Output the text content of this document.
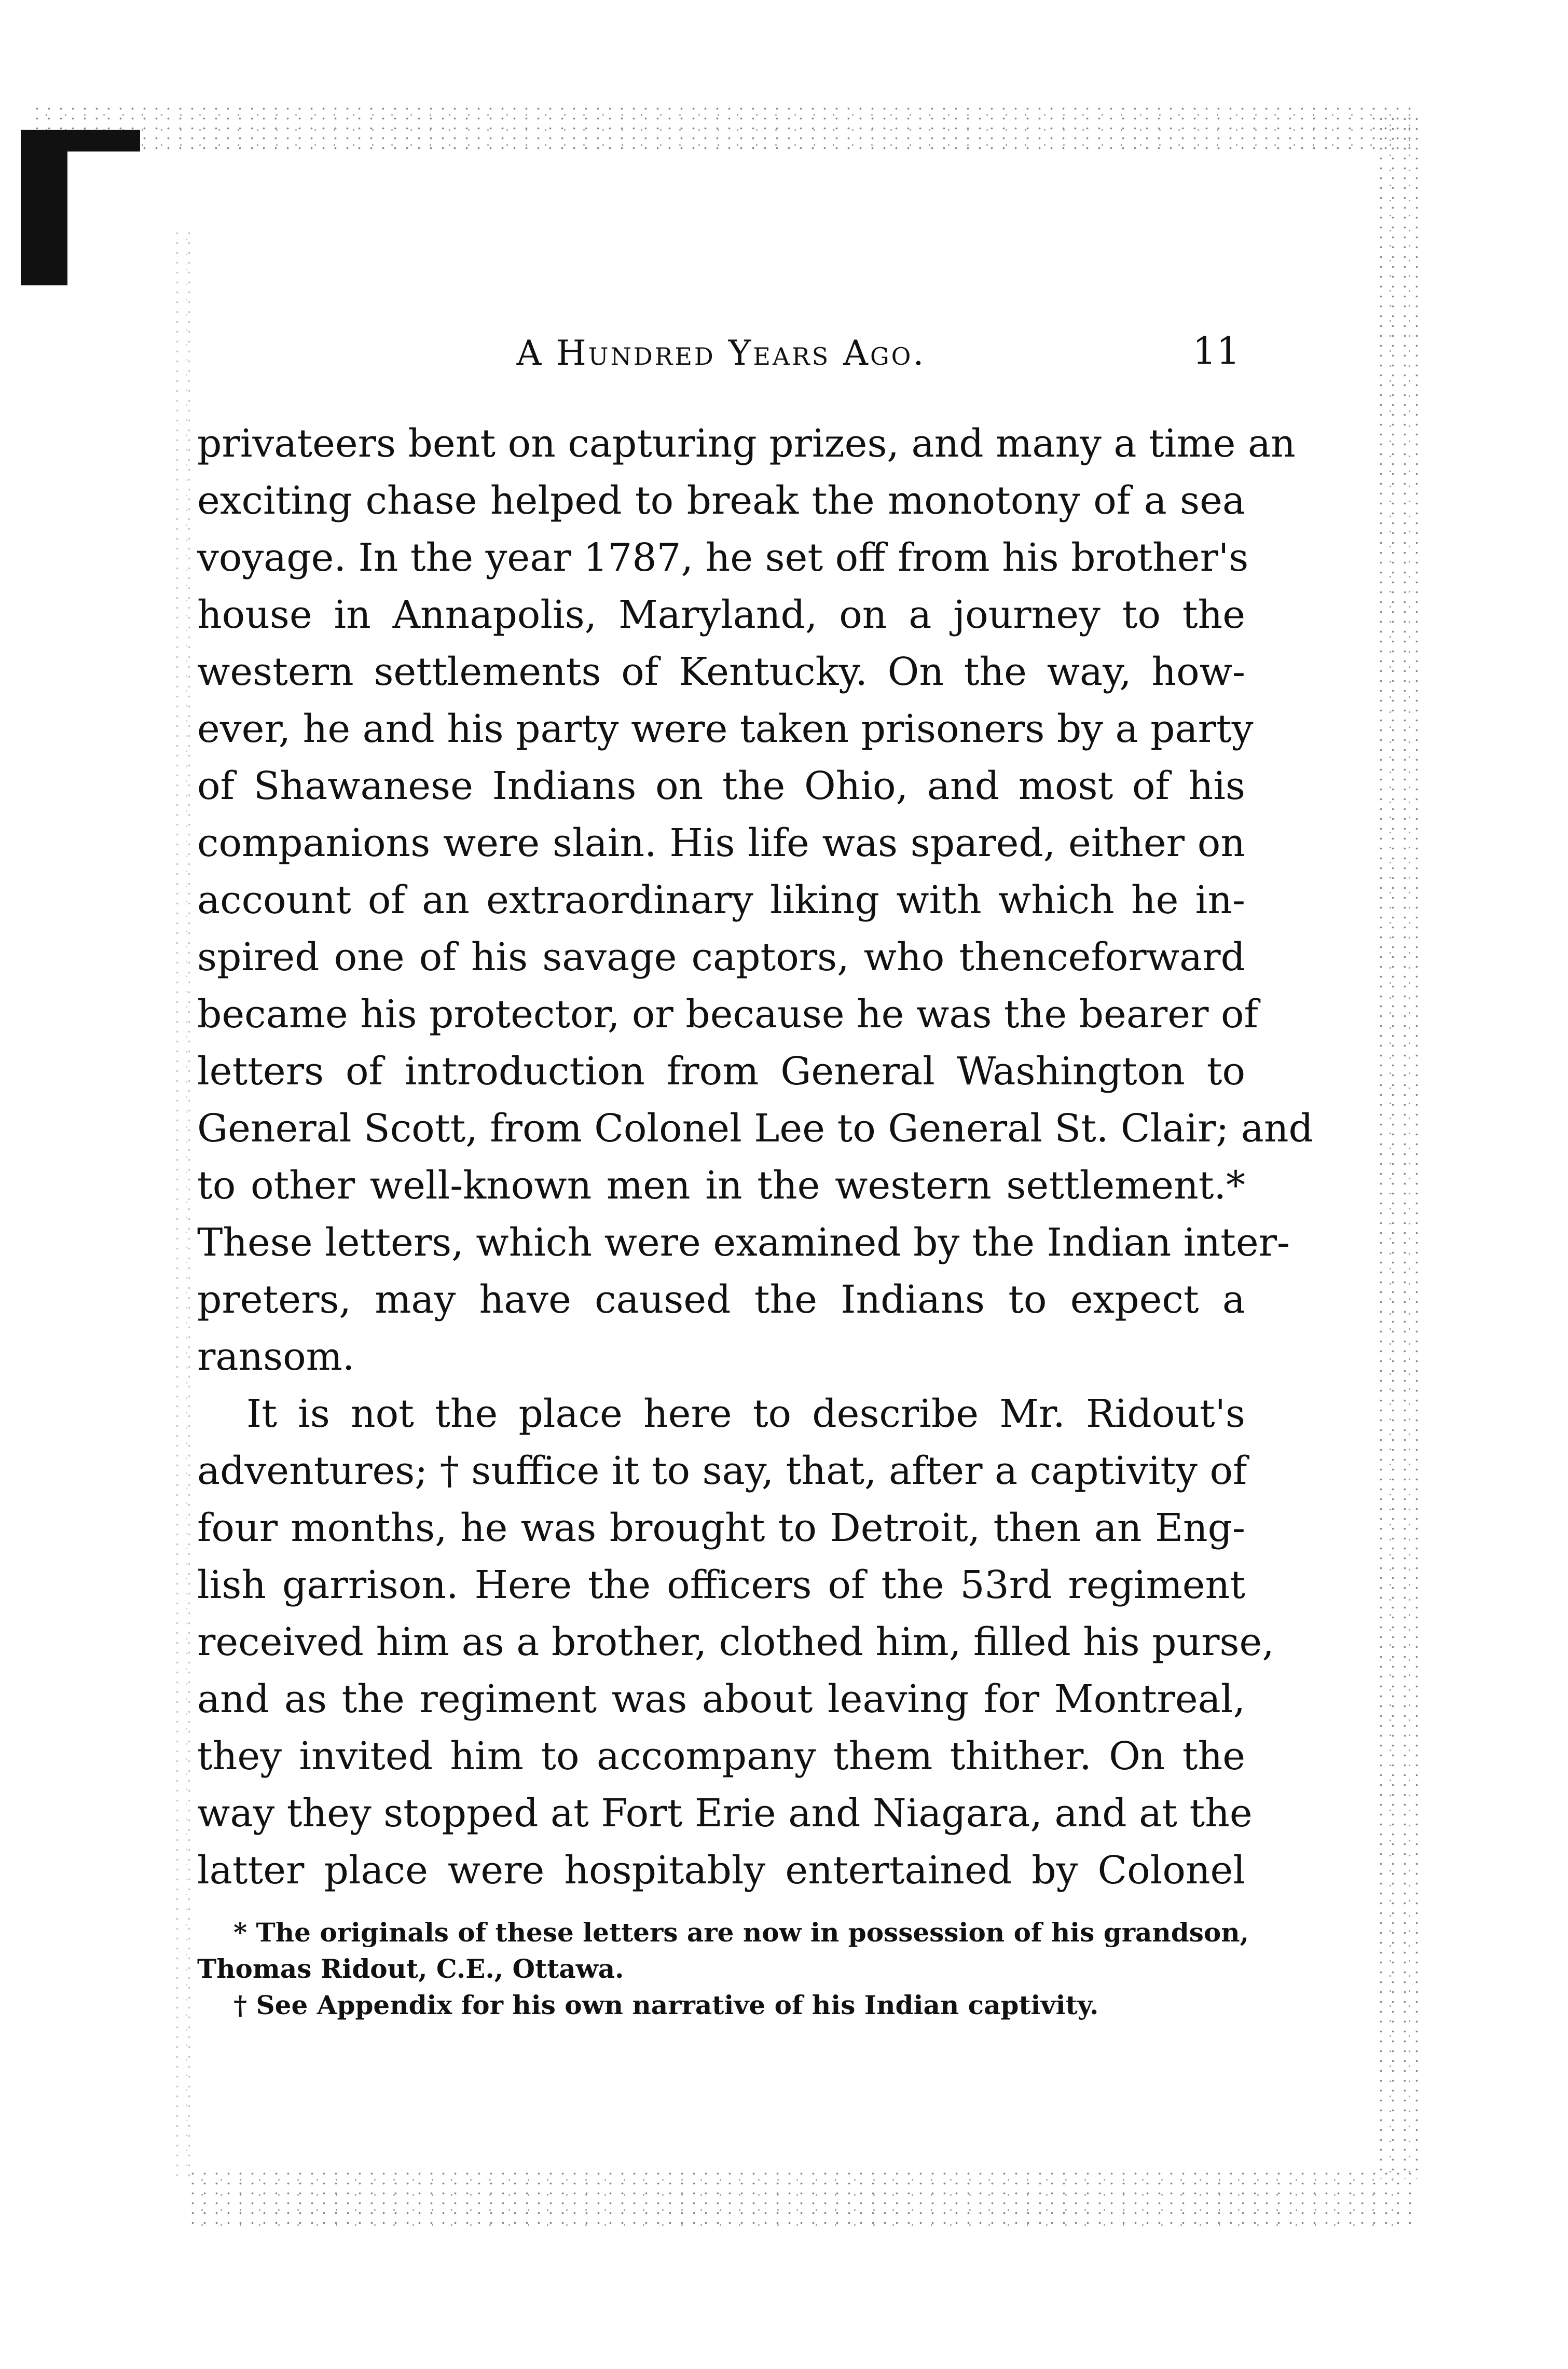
A Hundred Years Ago.	11
privateers bent on capturing prizes, and many a time an
exciting chase helped to break the monotony of a sea
voyage. In the year 1787, he set off from his brother's
house in Annapolis, Maryland, on a journey to the
western settlements of Kentucky. On the way, how-
ever, he and his party were taken prisoners by a party
of Shawanese Indians on the Ohio, and most of his
companions were slain. His life was spared, either on
account of an extraordinary liking with which he in-
spired one of his savage captors, who thenceforward
became his protector, or because he was the bearer of
letters of introduction from General Washington to
General Scott, from Colonel Lee to General St. Clair; and
to other well-known men in the western settlement.*
These letters, which were examined by the Indian inter-
preters, may have caused the Indians to expect a
ransom.
It is not the place here to describe Mr. Ridout's
adventures; † suffice it to say, that, after a captivity of
four months, he was brought to Detroit, then an Eng-
lish garrison. Here the officers of the 53rd regiment
received him as a brother, clothed him, filled his purse,
and as the regiment was about leaving for Montreal,
they invited him to accompany them thither. On the
way they stopped at Fort Erie and Niagara, and at the
latter place were hospitably entertained by Colonel
* The originals of these letters are now in possession of his grandson,
Thomas Ridout, C.E., Ottawa.
† See Appendix for his own narrative of his Indian captivity.
